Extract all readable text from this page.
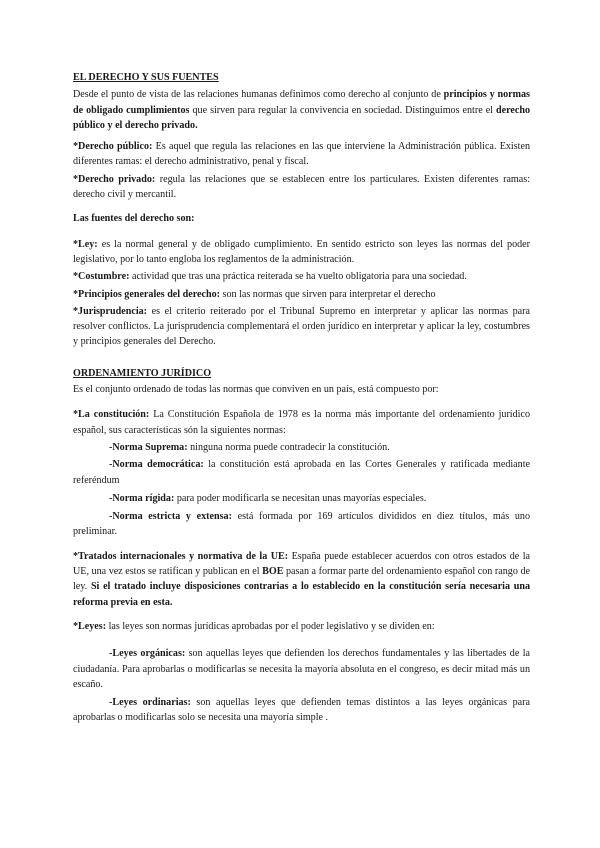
EL DERECHO Y SUS FUENTES

Desde el punto de vista de las relaciones humanas definimos como derecho al conjunto de principios y normas de obligado cumplimientos que sirven para regular la convivencia en sociedad. Distinguimos entre el derecho público y el derecho privado.

*Derecho público: Es aquel que regula las relaciones en las que interviene la Administración pública. Existen diferentes ramas: el derecho administrativo, penal y fiscal.

*Derecho privado: regula las relaciones que se establecen entre los particulares. Existen diferentes ramas: derecho civil y mercantil.

Las fuentes del derecho son:

*Ley: es la normal general y de obligado cumplimiento. En sentido estricto son leyes las normas del poder legislativo, por lo tanto engloba los reglamentos de la administración.

*Costumbre: actividad que tras una práctica reiterada se ha vuelto obligatoria para una sociedad.

*Principios generales del derecho: son las normas que sirven para interpretar el derecho

*Jurisprudencia: es el criterio reiterado por el Tribunal Supremo en interpretar y aplicar las normas para resolver conflictos. La jurisprudencia complementará el orden jurídico en interpretar y aplicar la ley, costumbres y principios generales del Derecho.

ORDENAMIENTO JURÍDICO

Es el conjunto ordenado de todas las normas que conviven en un país, está compuesto por:

*La constitución: La Constitución Española de 1978 es la norma más importante del ordenamiento jurídico español, sus características són la siguientes normas:

-Norma Suprema: ninguna norma puede contradecir la constitución.

-Norma democrática: la constitución está aprobada en las Cortes Generales y ratificada mediante referéndum

-Norma rígida: para poder modificarla se necesitan unas mayorías especiales.

-Norma estricta y extensa: está formada por 169 artículos divididos en diez títulos, más uno preliminar.

*Tratados internacionales y normativa de la UE: España puede establecer acuerdos con otros estados de la UE, una vez estos se ratifican y publican en el BOE pasan a formar parte del ordenamiento español con rango de ley. Si el tratado incluye disposiciones contrarias a lo establecido en la constitución sería necesaria una reforma previa en esta.

*Leyes: las leyes son normas jurídicas aprobadas por el poder legislativo y se dividen en:

-Leyes orgánicas: son aquellas leyes que defienden los derechos fundamentales y las libertades de la ciudadanía. Para aprobarlas o modificarlas se necesita la mayoría absoluta en el congreso, es decir mitad más un escaño.

-Leyes ordinarias: son aquellas leyes que defienden temas distintos a las leyes orgánicas para aprobarlas o modificarlas solo se necesita una mayoría simple .
